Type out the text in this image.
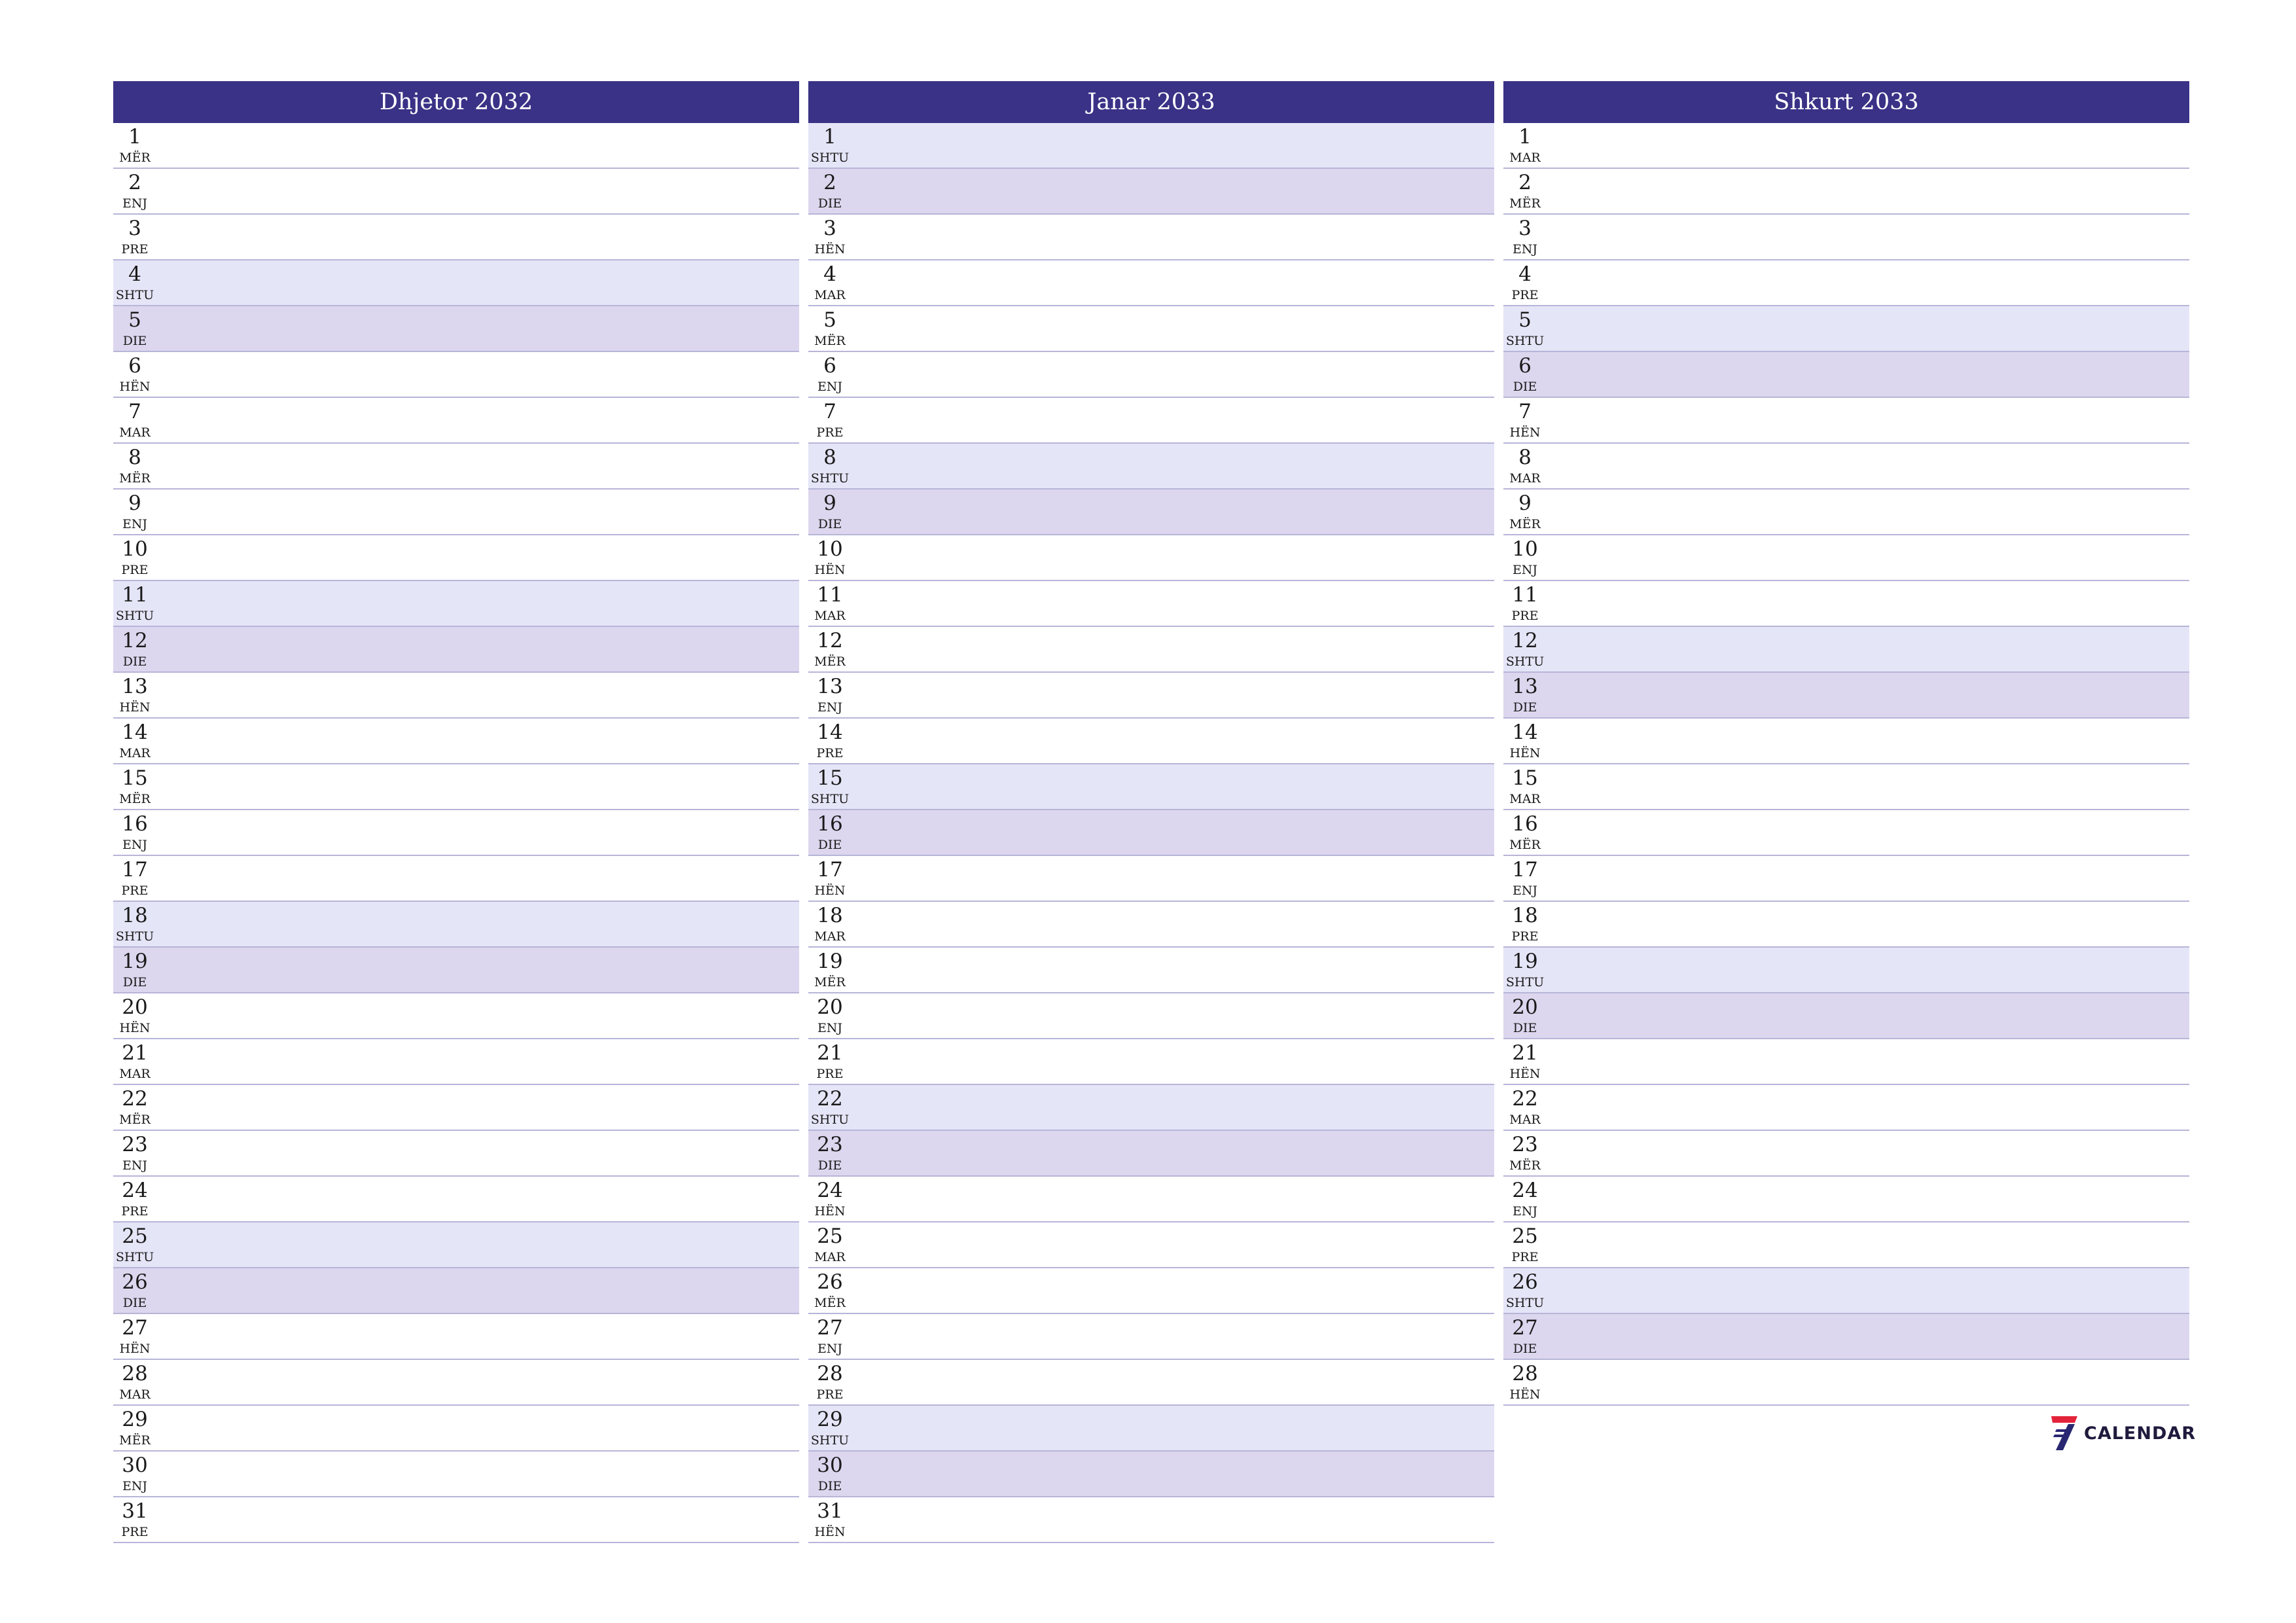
Dhjetor 2032
1
MËR
2
ENJ
3
PRE
4
SHTU
5
DIE
6
HËN
7
MAR
8
MËR
9
ENJ
10
PRE
11
SHTU
12
DIE
13
HËN
14
MAR
15
MËR
16
ENJ
17
PRE
18
SHTU
19
DIE
20
HËN
21
MAR
22
MËR
23
ENJ
24
PRE
25
SHTU
26
DIE
27
HËN
28
MAR
29
MËR
30
ENJ
31
PRE
Janar 2033
1
SHTU
2
DIE
3
HËN
4
MAR
5
MËR
6
ENJ
7
PRE
8
SHTU
9
DIE
10
HËN
11
MAR
12
MËR
13
ENJ
14
PRE
15
SHTU
16
DIE
17
HËN
18
MAR
19
MËR
20
ENJ
21
PRE
22
SHTU
23
DIE
24
HËN
25
MAR
26
MËR
27
ENJ
28
PRE
29
SHTU
30
DIE
31
HËN
Shkurt 2033
1
MAR
2
MËR
3
ENJ
4
PRE
5
SHTU
6
DIE
7
HËN
8
MAR
9
MËR
10
ENJ
11
PRE
12
SHTU
13
DIE
14
HËN
15
MAR
16
MËR
17
ENJ
18
PRE
19
SHTU
20
DIE
21
HËN
22
MAR
23
MËR
24
ENJ
25
PRE
26
SHTU
27
DIE
28
HËN
CALENDAR
